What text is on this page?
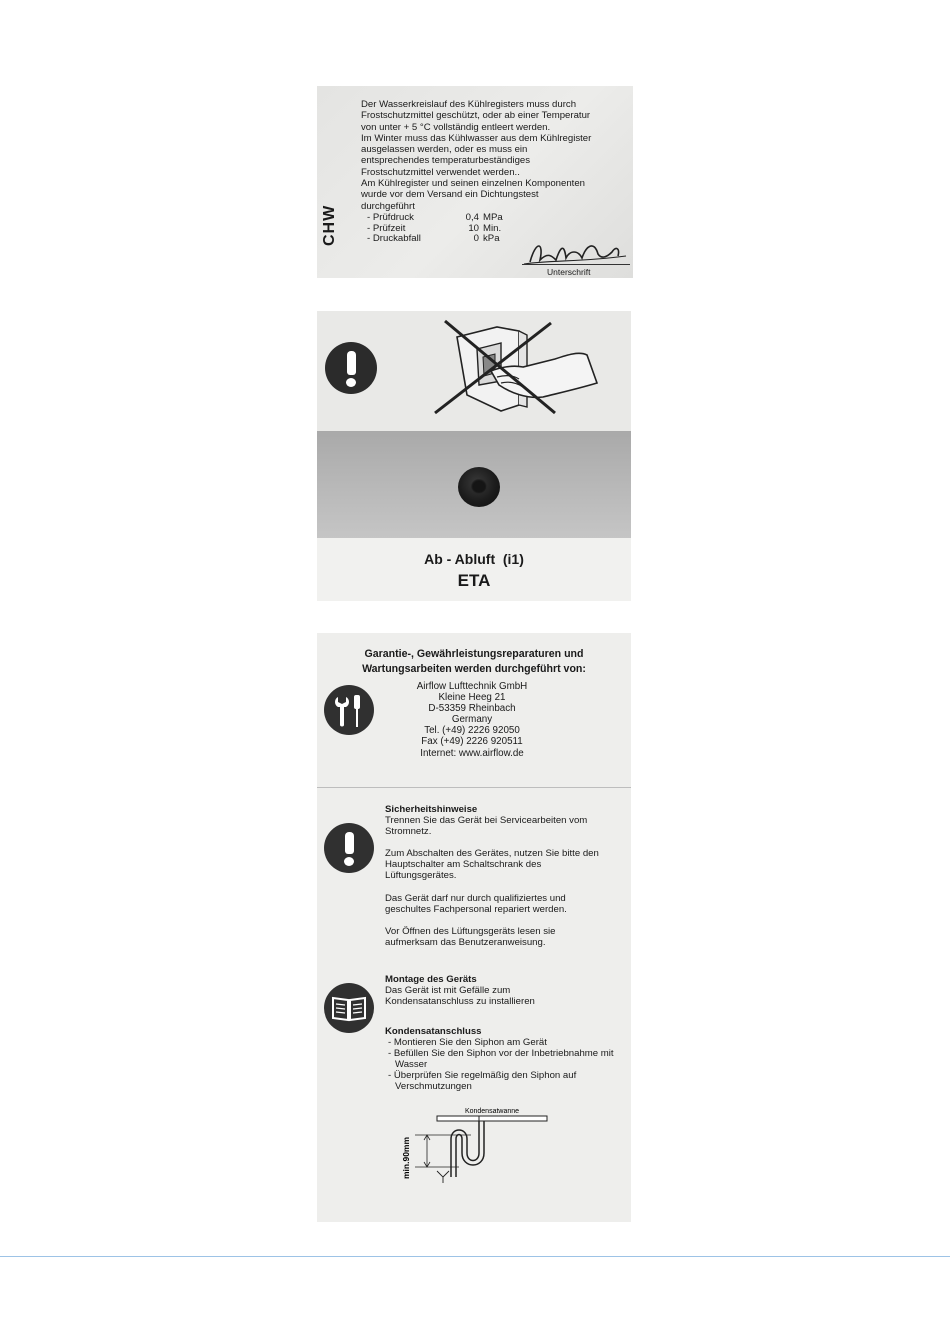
CHW

Der Wasserkreislauf des Kühlregisters muss durch

Frostschutzmittel geschützt, oder ab einer Temperatur

von unter + 5 °C vollständig entleert werden.

Im Winter muss das Kühlwasser aus dem Kühlregister

ausgelassen werden, oder es muss ein

entsprechendes temperaturbeständiges

Frostschutzmittel verwendet werden..

Am Kühlregister und seinen einzelnen Komponenten

wurde vor dem Versand ein Dichtungstest

durchgeführt

- Prüfdruck	0,4 MPa
- Prüfzeit	10 Min.
- Druckabfall	0 kPa
Unterschrift
Ab - Abluft  (i1)
ETA
Garantie-, Gewährleistungsreparaturen und
Wartungsarbeiten werden durchgeführt von:
Airflow Lufttechnik GmbH
Kleine Heeg 21
D-53359 Rheinbach
Germany
Tel. (+49) 2226 92050
Fax (+49) 2226 920511
Internet: www.airflow.de

Sicherheitshinweise

Trennen Sie das Gerät bei Servicearbeiten vom

Stromnetz.

Zum Abschalten des Gerätes, nutzen Sie bitte den

Hauptschalter am Schaltschrank des

Lüftungsgerätes.

Das Gerät darf nur durch qualifiziertes und

geschultes Fachpersonal repariert werden.

Vor Öffnen des Lüftungsgeräts lesen sie

aufmerksam das Benutzeranweisung.

Montage des Geräts

Das Gerät ist mit Gefälle zum

Kondensatanschluss zu installieren

Kondensatanschluss

- Montieren Sie den Siphon am Gerät

- Befüllen Sie den Siphon vor der Inbetriebnahme mit Wasser

- Überprüfen Sie regelmäßig den Siphon auf Verschmutzungen

Kondensatwanne
min.90mm
